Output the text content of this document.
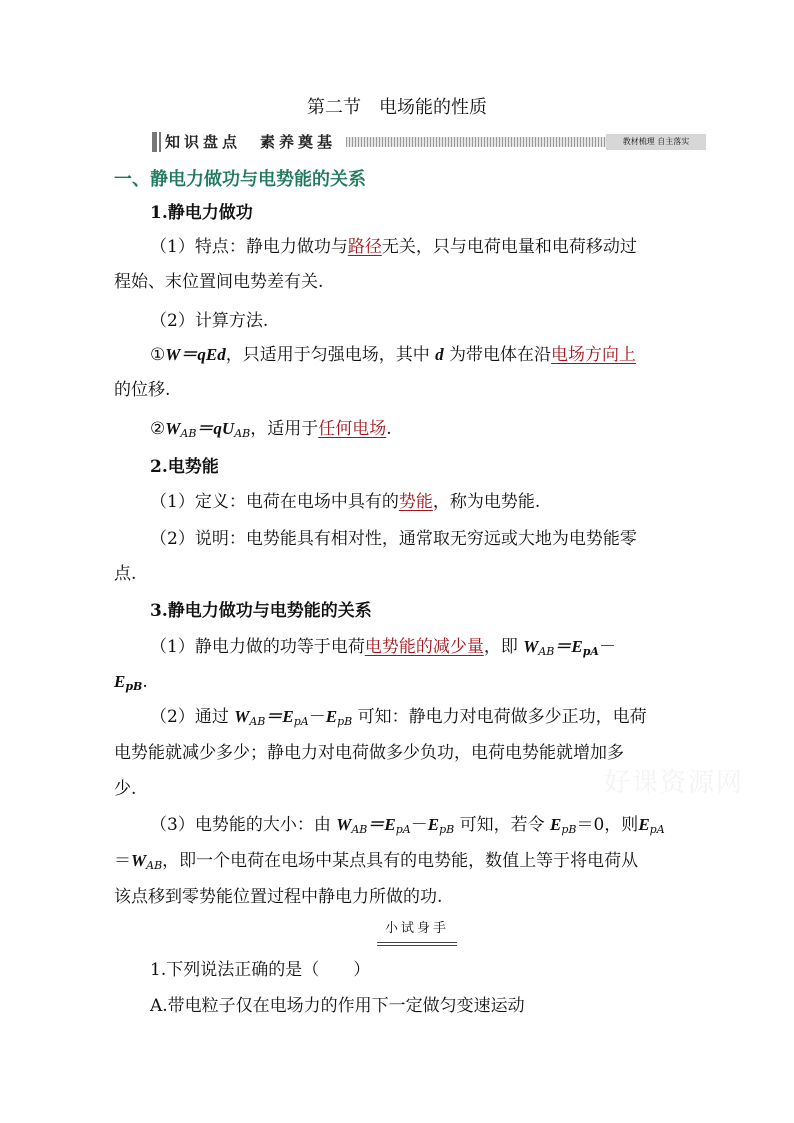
第二节　电场能的性质
知识盘点　素养奠基	教材梳理 自主落实
一、静电力做功与电势能的关系
1.静电力做功
（1）特点：静电力做功与路径无关，只与电荷电量和电荷移动过
程始、末位置间电势差有关.
（2）计算方法.
①W＝qEd，只适用于匀强电场，其中 d 为带电体在沿电场方向上
的位移.
$②W_{AB}=qU_{AB}$，适用于任何电场.
2.电势能
（1）定义：电荷在电场中具有的势能，称为电势能.
（2）说明：电势能具有相对性，通常取无穷远或大地为电势能零
点.
3.静电力做功与电势能的关系
（1）静电力做的功等于电荷电势能的减少量，即 $W_{AB}=E_{pA}-$
$E_{pB}$.
（2）通过 $W_{AB}=E_{pA}-E_{pB}$ 可知：静电力对电荷做多少正功，电荷
电势能就减少多少；静电力对电荷做多少负功，电荷电势能就增加多
少.	好课资源网
（3）电势能的大小：由 $W_{AB}=E_{pA}-E_{pB}$ 可知，若令 $E_{pB}=0$，则$E_{pA}$
$=W_{AB}$，即一个电荷在电场中某点具有的电势能，数值上等于将电荷从
该点移到零势能位置过程中静电力所做的功.
小试身手
1.下列说法正确的是（　　）
A.带电粒子仅在电场力的作用下一定做匀变速运动
